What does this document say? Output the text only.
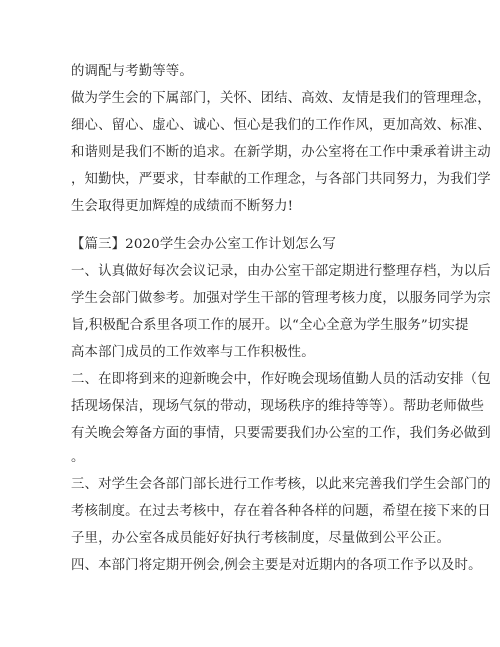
的调配与考勤等等。
做为学生会的下属部门，关怀、团结、高效、友情是我们的管理理念，
细心、留心、虚心、诚心、恒心是我们的工作作风，更加高效、标准、
和谐则是我们不断的追求。在新学期，办公室将在工作中秉承着讲主动
，知勤快，严要求，甘奉献的工作理念，与各部门共同努力，为我们学
生会取得更加辉煌的成绩而不断努力!
【篇三】2020学生会办公室工作计划怎么写
一、认真做好每次会议记录，由办公室干部定期进行整理存档，为以后
学生会部门做参考。加强对学生干部的管理考核力度，以服务同学为宗
旨,积极配合系里各项工作的展开。以“全心全意为学生服务”切实提
高本部门成员的工作效率与工作积极性。
二、在即将到来的迎新晚会中，作好晚会现场值勤人员的活动安排（包
括现场保洁，现场气氛的带动，现场秩序的维持等等）。帮助老师做些
有关晚会筹备方面的事情，只要需要我们办公室的工作，我们务必做到
。
三、对学生会各部门部长进行工作考核，以此来完善我们学生会部门的
考核制度。在过去考核中，存在着各种各样的问题，希望在接下来的日
子里，办公室各成员能好好执行考核制度，尽量做到公平公正。
四、本部门将定期开例会,例会主要是对近期内的各项工作予以及时。
